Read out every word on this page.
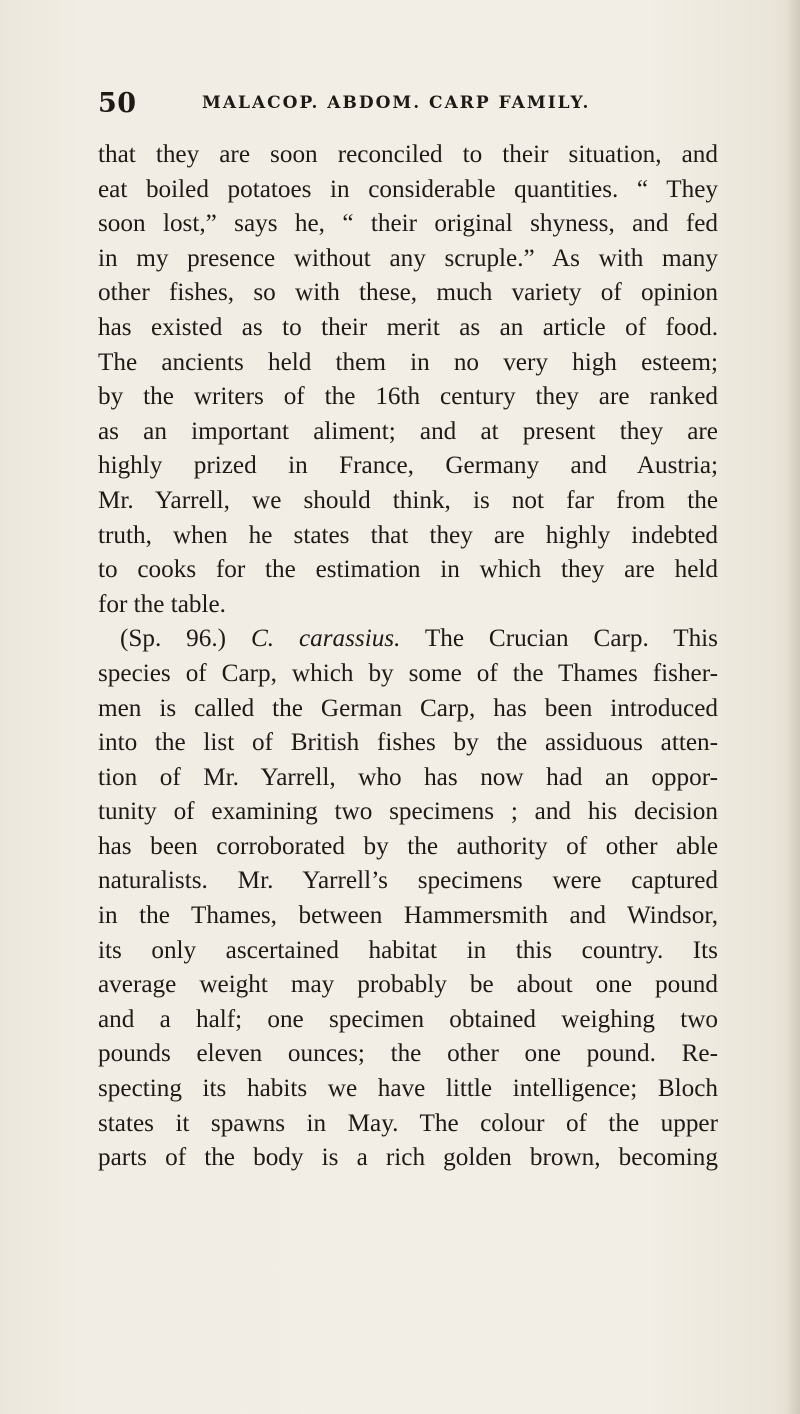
50	MALACOP. ABDOM. CARP FAMILY.
that they are soon reconciled to their situation, and
eat boiled potatoes in considerable quantities. “ They
soon lost,” says he, “ their original shyness, and fed
in my presence without any scruple.” As with many
other fishes, so with these, much variety of opinion
has existed as to their merit as an article of food.
The ancients held them in no very high esteem;
by the writers of the 16th century they are ranked
as an important aliment; and at present they are
highly prized in France, Germany and Austria;
Mr. Yarrell, we should think, is not far from the
truth, when he states that they are highly indebted
to cooks for the estimation in which they are held
for the table.
(Sp. 96.) C. carassius. The Crucian Carp. This
species of Carp, which by some of the Thames fisher-
men is called the German Carp, has been introduced
into the list of British fishes by the assiduous atten-
tion of Mr. Yarrell, who has now had an oppor-
tunity of examining two specimens ; and his decision
has been corroborated by the authority of other able
naturalists. Mr. Yarrell’s specimens were captured
in the Thames, between Hammersmith and Windsor,
its only ascertained habitat in this country. Its
average weight may probably be about one pound
and a half; one specimen obtained weighing two
pounds eleven ounces; the other one pound. Re-
specting its habits we have little intelligence; Bloch
states it spawns in May. The colour of the upper
parts of the body is a rich golden brown, becoming
